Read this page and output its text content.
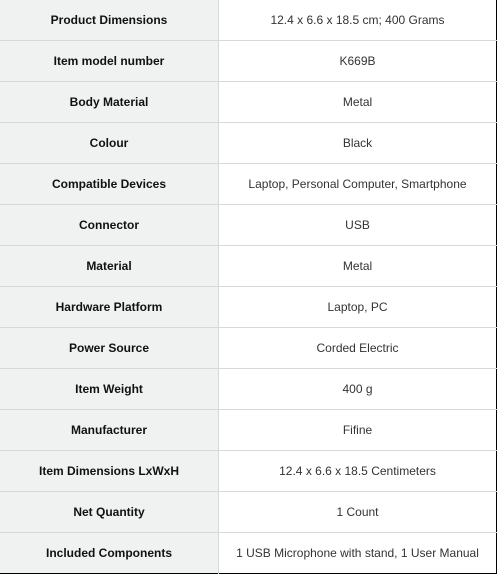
Product Dimensions	12.4 x 6.6 x 18.5 cm; 400 Grams
Item model number	K669B
Body Material	Metal
Colour	Black
Compatible Devices	Laptop, Personal Computer, Smartphone
Connector	USB
Material	Metal
Hardware Platform	Laptop, PC
Power Source	Corded Electric
Item Weight	400 g
Manufacturer	Fifine
Item Dimensions LxWxH	12.4 x 6.6 x 18.5 Centimeters
Net Quantity	1 Count
Included Components	1 USB Microphone with stand, 1 User Manual
